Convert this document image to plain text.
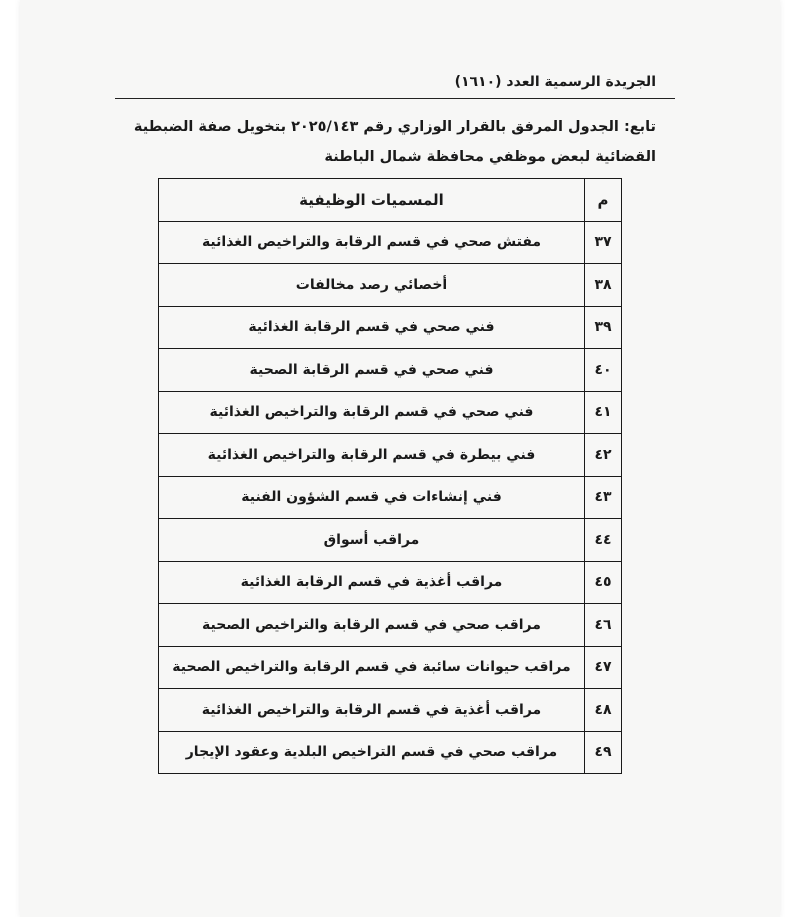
الجريدة الرسمية العدد (١٦١٠)
تابع: الجدول المرفق بالقرار الوزاري رقم ٢٠٢٥/١٤٣ بتخويل صفة الضبطية القضائية لبعض موظفي محافظة شمال الباطنة
م	المسميات الوظيفية
٣٧	مفتش صحي في قسم الرقابة والتراخيص الغذائية
٣٨	أخصائي رصد مخالفات
٣٩	فني صحي في قسم الرقابة الغذائية
٤٠	فني صحي في قسم الرقابة الصحية
٤١	فني صحي في قسم الرقابة والتراخيص الغذائية
٤٢	فني بيطرة في قسم الرقابة والتراخيص الغذائية
٤٣	فني إنشاءات في قسم الشؤون الفنية
٤٤	مراقب أسواق
٤٥	مراقب أغذية في قسم الرقابة الغذائية
٤٦	مراقب صحي في قسم الرقابة والتراخيص الصحية
٤٧	مراقب حيوانات سائبة في قسم الرقابة والتراخيص الصحية
٤٨	مراقب أغذية في قسم الرقابة والتراخيص الغذائية
٤٩	مراقب صحي في قسم التراخيص البلدية وعقود الإيجار
